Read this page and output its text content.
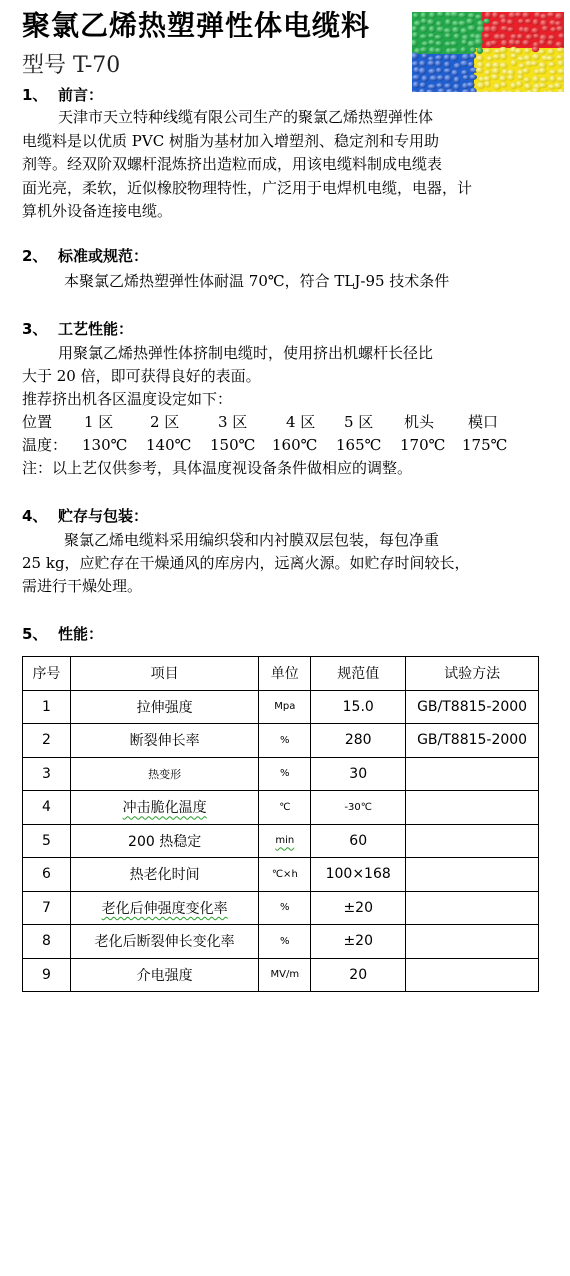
聚氯乙烯热塑弹性体电缆料
型号 T-70
1、 前言：
天津市天立特种线缆有限公司生产的聚氯乙烯热塑弹性体
电缆料是以优质 PVC 树脂为基材加入增塑剂、稳定剂和专用助
剂等。经双阶双螺杆混炼挤出造粒而成，用该电缆料制成电缆表
面光亮，柔软，近似橡胶物理特性，广泛用于电焊机电缆，电器，计
算机外设备连接电缆。
2、 标准或规范：
本聚氯乙烯热塑弹性体耐温 70℃，符合 TLJ-95 技术条件
3、 工艺性能：
用聚氯乙烯热弹性体挤制电缆时，使用挤出机螺杆长径比
大于 20 倍，即可获得良好的表面。
推荐挤出机各区温度设定如下：
位置 1 区 2 区	3 区	4 区 5 区 机头 模口
温度： 130℃ 140℃ 150℃ 160℃ 165℃ 170℃ 175℃
注：以上艺仅供参考，具体温度视设备条件做相应的调整。
4、 贮存与包装：
聚氯乙烯电缆料采用编织袋和内衬膜双层包装，每包净重
25 kg，应贮存在干燥通风的库房内，远离火源。如贮存时间较长，
需进行干燥处理。
5、 性能：
序号	项目	单位	规范值	试验方法
1	拉伸强度	Mpa	15.0	GB/T8815-2000
2	断裂伸长率	%	280	GB/T8815-2000
3	热变形	%	30	
4	冲击脆化温度	℃	-30℃	
5	200 热稳定	min	60	
6	热老化时间	℃×h	100×168	
7	老化后伸强度变化率	%	±20	
8	老化后断裂伸长变化率	%	±20	
9	介电强度	MV/m	20	
